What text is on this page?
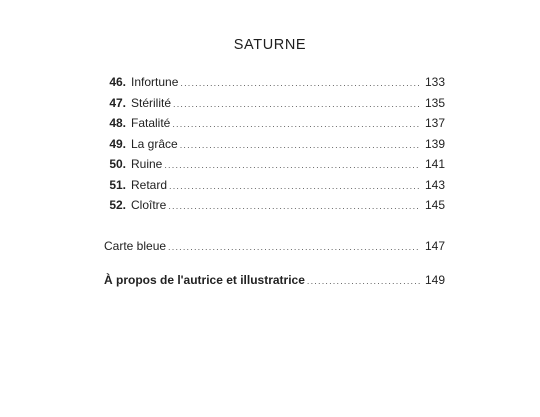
SATURNE
46. Infortune .....	133
47. Stérilité .....	135
48. Fatalité .....	137
49. La grâce .....	139
50. Ruine .....	141
51. Retard .....	143
52. Cloître .....	145
Carte bleue .....	147
À propos de l'autrice et illustratrice .....	149
